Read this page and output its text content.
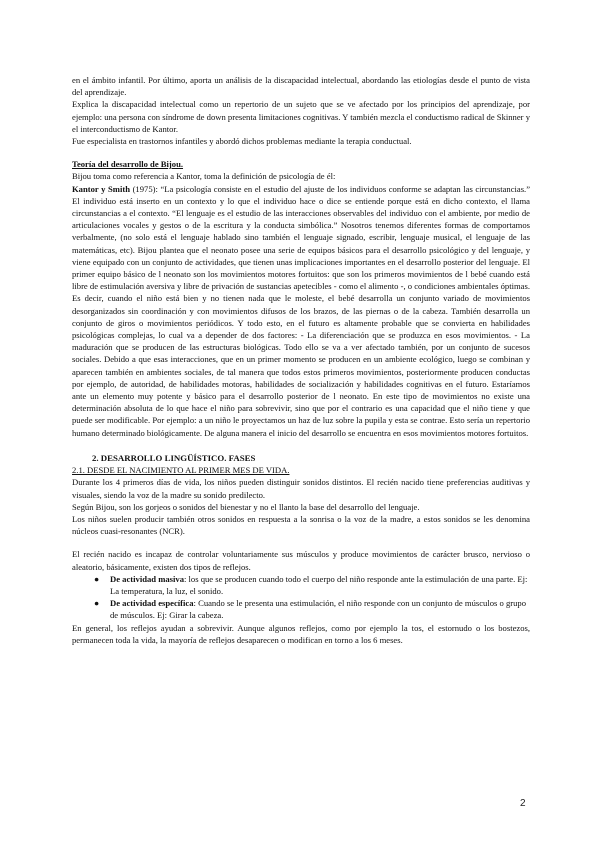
en el ámbito infantil. Por último, aporta un análisis de la discapacidad intelectual, abordando las etiologías desde el punto de vista del aprendizaje.

Explica la discapacidad intelectual como un repertorio de un sujeto que se ve afectado por los principios del aprendizaje, por ejemplo: una persona con síndrome de down presenta limitaciones cognitivas. Y también mezcla el conductismo radical de Skinner y el interconductismo de Kantor.

Fue especialista en trastornos infantiles y abordó dichos problemas mediante la terapia conductual.

Teoría del desarrollo de Bijou.

Bijou toma como referencia a Kantor, toma la definición de psicología de él:

Kantor y Smith (1975): “La psicología consiste en el estudio del ajuste de los individuos conforme se adaptan las circunstancias.” El individuo está inserto en un contexto y lo que el individuo hace o dice se entiende porque está en dicho contexto, el llama circunstancias a el contexto. “El lenguaje es el estudio de las interacciones observables del individuo con el ambiente, por medio de articulaciones vocales y gestos o de la escritura y la conducta simbólica.” Nosotros tenemos diferentes formas de comportamos verbalmente, (no solo está el lenguaje hablado sino también el lenguaje signado, escribir, lenguaje musical, el lenguaje de las matemáticas, etc). Bijou plantea que el neonato posee una serie de equipos básicos para el desarrollo psicológico y del lenguaje, y viene equipado con un conjunto de actividades, que tienen unas implicaciones importantes en el desarrollo posterior del lenguaje. El primer equipo básico de l neonato son los movimientos motores fortuitos: que son los primeros movimientos de l bebé cuando está libre de estimulación aversiva y libre de privación de sustancias apetecibles - como el alimento -, o condiciones ambientales óptimas. Es decir, cuando el niño está bien y no tienen nada que le moleste, el bebé desarrolla un conjunto variado de movimientos desorganizados sin coordinación y con movimientos difusos de los brazos, de las piernas o de la cabeza. También desarrolla un conjunto de giros o movimientos periódicos. Y todo esto, en el futuro es altamente probable que se convierta en habilidades psicológicas complejas, lo cual va a depender de dos factores: - La diferenciación que se produzca en esos movimientos. - La maduración que se producen de las estructuras biológicas. Todo ello se va a ver afectado también, por un conjunto de sucesos sociales. Debido a que esas interacciones, que en un primer momento se producen en un ambiente ecológico, luego se combinan y aparecen también en ambientes sociales, de tal manera que todos estos primeros movimientos, posteriormente producen conductas por ejemplo, de autoridad, de habilidades motoras, habilidades de socialización y habilidades cognitivas en el futuro. Estaríamos ante un elemento muy potente y básico para el desarrollo posterior de l neonato. En este tipo de movimientos no existe una determinación absoluta de lo que hace el niño para sobrevivir, sino que por el contrario es una capacidad que el niño tiene y que puede ser modificable. Por ejemplo: a un niño le proyectamos un haz de luz sobre la pupila y esta se contrae. Esto sería un repertorio humano determinado biológicamente. De alguna manera el inicio del desarrollo se encuentra en esos movimientos motores fortuitos.

2. DESARROLLO LINGÜÍSTICO. FASES

2.1. DESDE EL NACIMIENTO AL PRIMER MES DE VIDA.

Durante los 4 primeros días de vida, los niños pueden distinguir sonidos distintos. El recién nacido tiene preferencias auditivas y visuales, siendo la voz de la madre su sonido predilecto.

Según Bijou, son los gorjeos o sonidos del bienestar y no el llanto la base del desarrollo del lenguaje.

Los niños suelen producir también otros sonidos en respuesta a la sonrisa o la voz de la madre, a estos sonidos se les denomina núcleos cuasi-resonantes (NCR).

El recién nacido es incapaz de controlar voluntariamente sus músculos y produce movimientos de carácter brusco, nervioso o aleatorio, básicamente, existen dos tipos de reflejos.

● De actividad masiva: los que se producen cuando todo el cuerpo del niño responde ante la estimulación de una parte. Ej: La temperatura, la luz, el sonido.
● De actividad específica: Cuando se le presenta una estimulación, el niño responde con un conjunto de músculos o grupo de músculos. Ej: Girar la cabeza.

En general, los reflejos ayudan a sobrevivir. Aunque algunos reflejos, como por ejemplo la tos, el estornudo o los bostezos, permanecen toda la vida, la mayoría de reflejos desaparecen o modifican en torno a los 6 meses.

2
